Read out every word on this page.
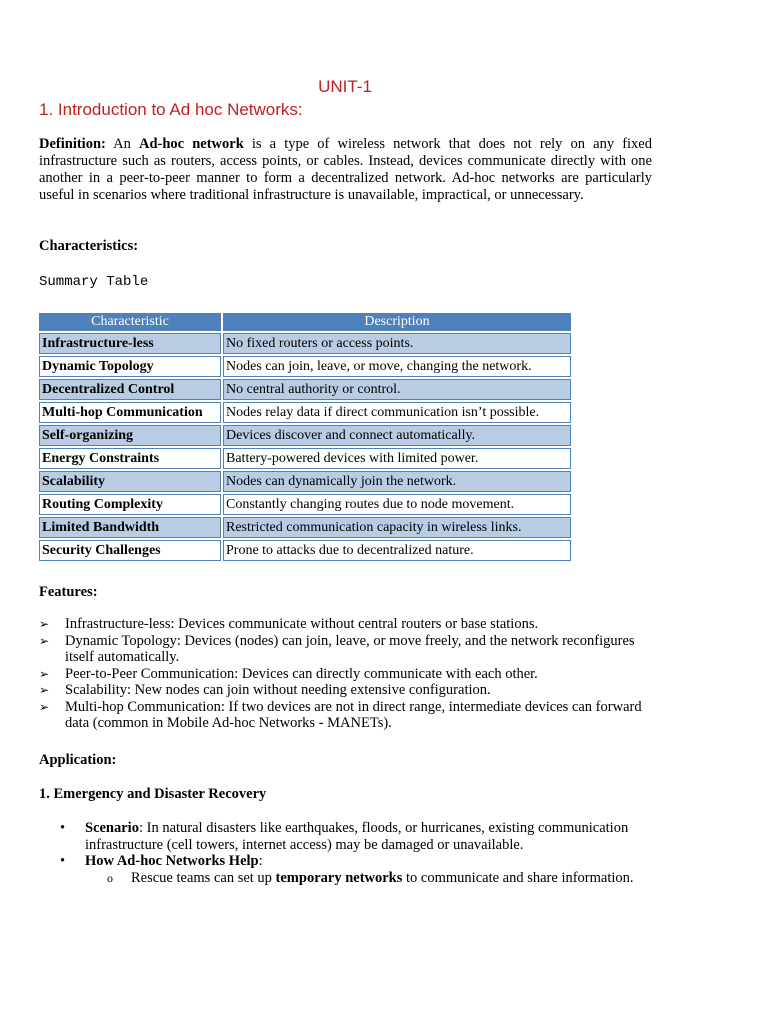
UNIT-1
1. Introduction to Ad hoc Networks:
Definition: An Ad-hoc network is a type of wireless network that does not rely on any fixed infrastructure such as routers, access points, or cables. Instead, devices communicate directly with one another in a peer-to-peer manner to form a decentralized network. Ad-hoc networks are particularly useful in scenarios where traditional infrastructure is unavailable, impractical, or unnecessary.
Characteristics:
Summary Table
Characteristic	Description
Infrastructure-less	No fixed routers or access points.
Dynamic Topology	Nodes can join, leave, or move, changing the network.
Decentralized Control	No central authority or control.
Multi-hop Communication	Nodes relay data if direct communication isn’t possible.
Self-organizing	Devices discover and connect automatically.
Energy Constraints	Battery-powered devices with limited power.
Scalability	Nodes can dynamically join the network.
Routing Complexity	Constantly changing routes due to node movement.
Limited Bandwidth	Restricted communication capacity in wireless links.
Security Challenges	Prone to attacks due to decentralized nature.
Features:
➢ Infrastructure-less: Devices communicate without central routers or base stations.
➢ Dynamic Topology: Devices (nodes) can join, leave, or move freely, and the network reconfigures itself automatically.
➢ Peer-to-Peer Communication: Devices can directly communicate with each other.
➢ Scalability: New nodes can join without needing extensive configuration.
➢ Multi-hop Communication: If two devices are not in direct range, intermediate devices can forward data (common in Mobile Ad-hoc Networks - MANETs).
Application:
1. Emergency and Disaster Recovery
• Scenario: In natural disasters like earthquakes, floods, or hurricanes, existing communication infrastructure (cell towers, internet access) may be damaged or unavailable.
• How Ad-hoc Networks Help:
o Rescue teams can set up temporary networks to communicate and share information.
